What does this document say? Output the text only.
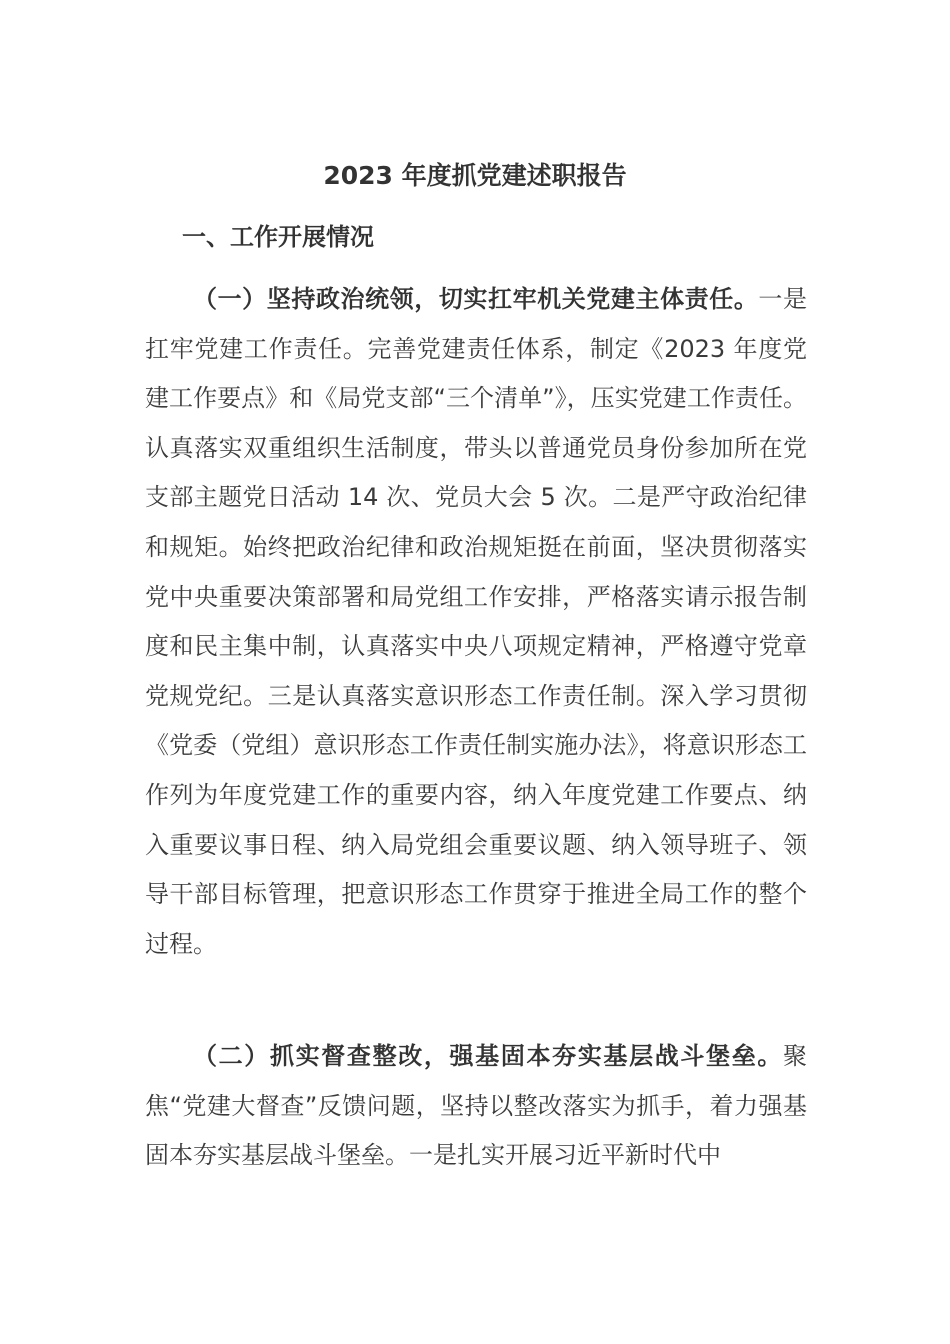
2023 年度抓党建述职报告
一、工作开展情况

（一）坚持政治统领，切实扛牢机关党建主体责任。一是扛牢党建工作责任。完善党建责任体系，制定《2023 年度党建工作要点》和《局党支部“三个清单”》，压实党建工作责任。认真落实双重组织生活制度，带头以普通党员身份参加所在党支部主题党日活动 14 次、党员大会 5 次。二是严守政治纪律和规矩。始终把政治纪律和政治规矩挺在前面，坚决贯彻落实党中央重要决策部署和局党组工作安排，严格落实请示报告制度和民主集中制，认真落实中央八项规定精神，严格遵守党章党规党纪。三是认真落实意识形态工作责任制。深入学习贯彻《党委（党组）意识形态工作责任制实施办法》，将意识形态工作列为年度党建工作的重要内容，纳入年度党建工作要点、纳入重要议事日程、纳入局党组会重要议题、纳入领导班子、领导干部目标管理，把意识形态工作贯穿于推进全局工作的整个过程。

（二）抓实督查整改，强基固本夯实基层战斗堡垒。聚焦“党建大督查”反馈问题，坚持以整改落实为抓手，着力强基固本夯实基层战斗堡垒。一是扎实开展习近平新时代中
